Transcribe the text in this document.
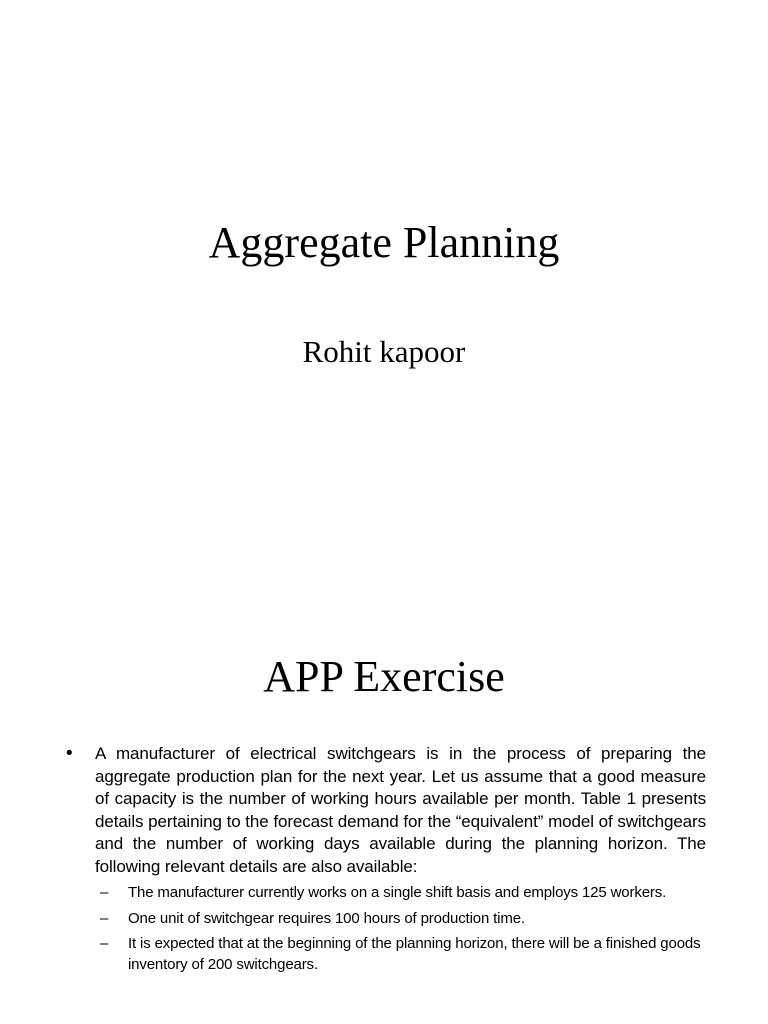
Aggregate Planning
Rohit kapoor
APP Exercise
•	A manufacturer of electrical switchgears is in the process of preparing the aggregate production plan for the next year. Let us assume that a good measure of capacity is the number of working hours available per month. Table 1 presents details pertaining to the forecast demand for the “equivalent” model of switchgears and the number of working days available during the planning horizon. The following relevant details are also available:
–	The manufacturer currently works on a single shift basis and employs 125 workers.
–	One unit of switchgear requires 100 hours of production time.
–	It is expected that at the beginning of the planning horizon, there will be a finished goods inventory of 200 switchgears.
